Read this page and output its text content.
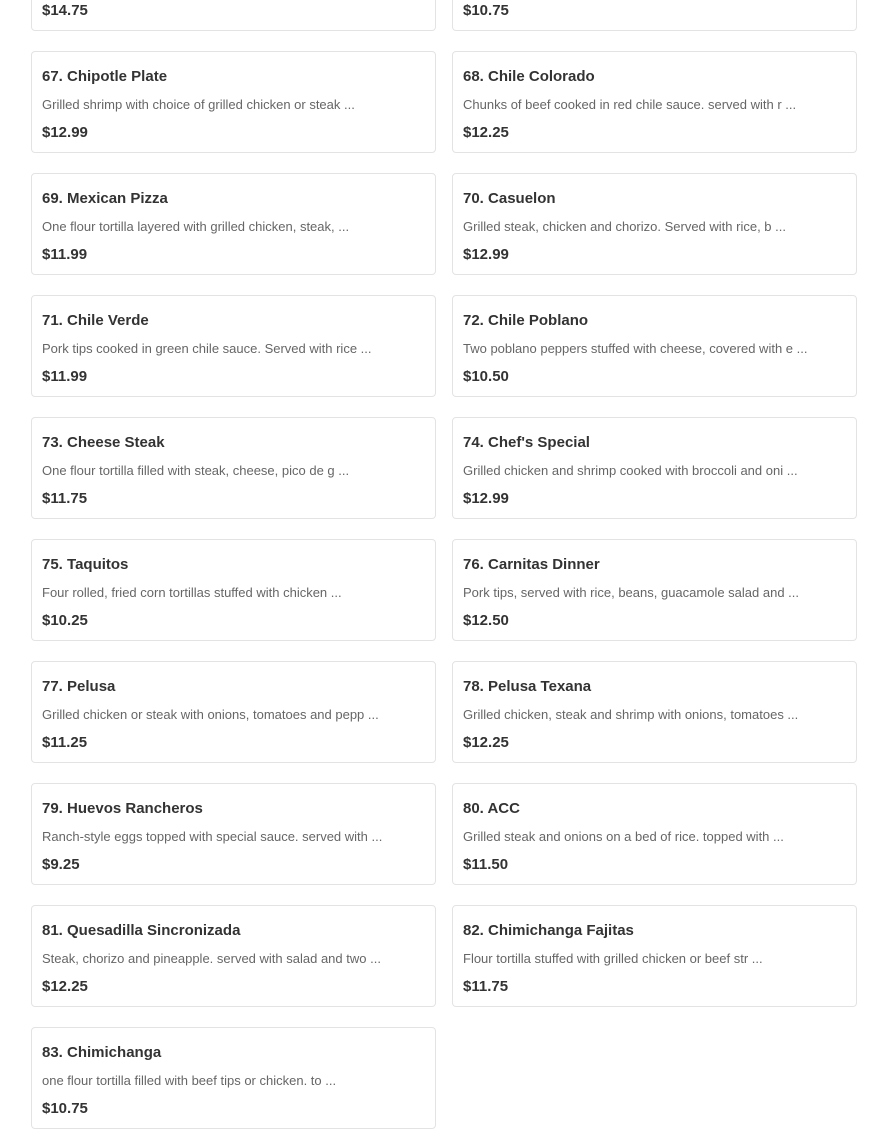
$14.75	$10.75
67. Chipotle Plate
Grilled shrimp with choice of grilled chicken or steak ...
$12.99
68. Chile Colorado
Chunks of beef cooked in red chile sauce. served with r ...
$12.25
69. Mexican Pizza
One flour tortilla layered with grilled chicken, steak, ...
$11.99
70. Casuelon
Grilled steak, chicken and chorizo. Served with rice, b ...
$12.99
71. Chile Verde
Pork tips cooked in green chile sauce. Served with rice ...
$11.99
72. Chile Poblano
Two poblano peppers stuffed with cheese, covered with e ...
$10.50
73. Cheese Steak
One flour tortilla filled with steak, cheese, pico de g ...
$11.75
74. Chef's Special
Grilled chicken and shrimp cooked with broccoli and oni ...
$12.99
75. Taquitos
Four rolled, fried corn tortillas stuffed with chicken ...
$10.25
76. Carnitas Dinner
Pork tips, served with rice, beans, guacamole salad and ...
$12.50
77. Pelusa
Grilled chicken or steak with onions, tomatoes and pepp ...
$11.25
78. Pelusa Texana
Grilled chicken, steak and shrimp with onions, tomatoes ...
$12.25
79. Huevos Rancheros
Ranch-style eggs topped with special sauce. served with ...
$9.25
80. ACC
Grilled steak and onions on a bed of rice. topped with ...
$11.50
81. Quesadilla Sincronizada
Steak, chorizo and pineapple. served with salad and two ...
$12.25
82. Chimichanga Fajitas
Flour tortilla stuffed with grilled chicken or beef str ...
$11.75
83. Chimichanga
one flour tortilla filled with beef tips or chicken. to ...
$10.75
